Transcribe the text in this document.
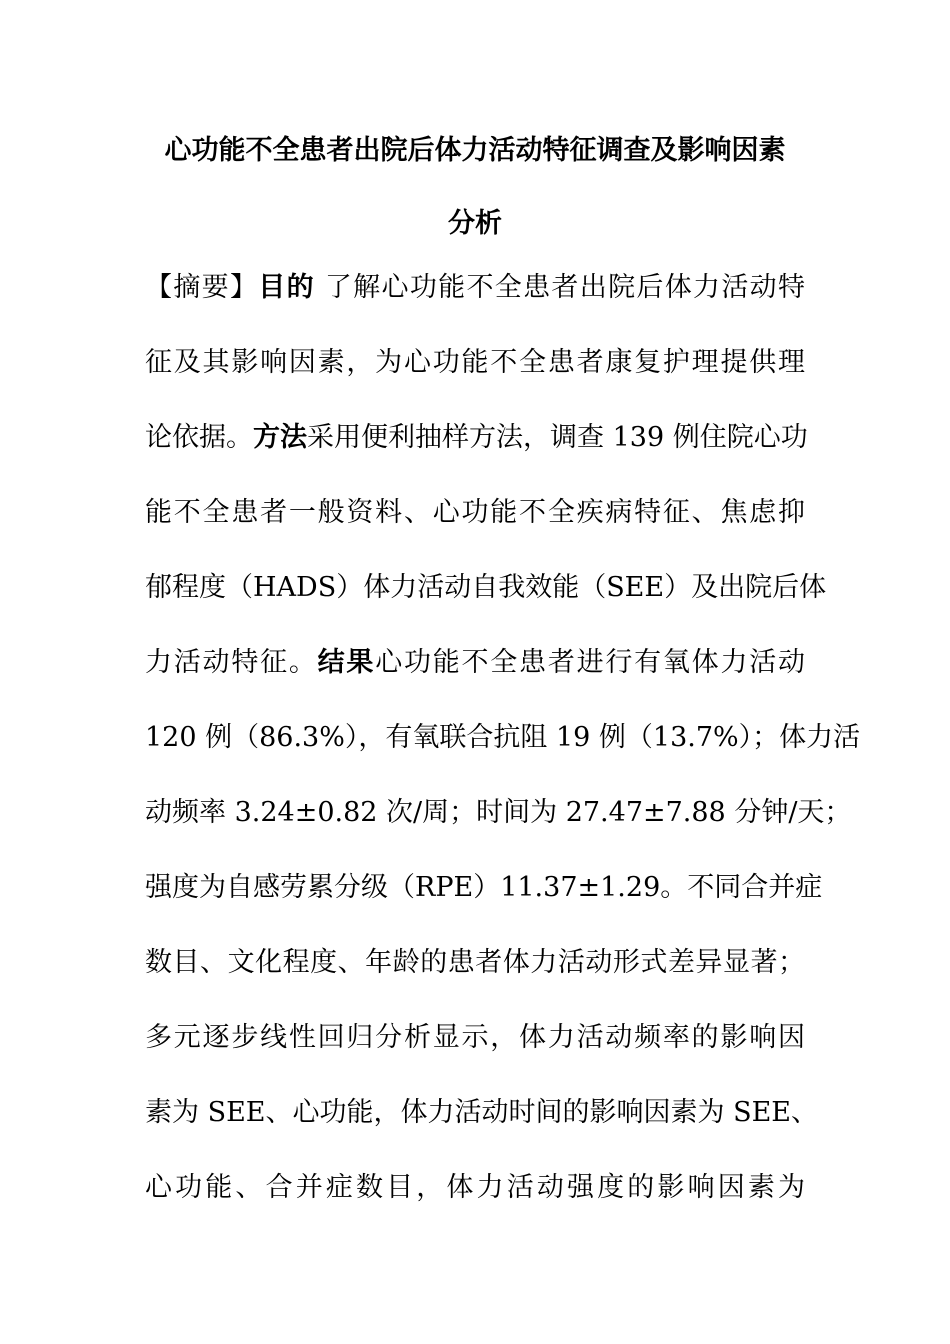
心功能不全患者出院后体力活动特征调查及影响因素
分析
【摘要】目的 了解心功能不全患者出院后体力活动特
征及其影响因素，为心功能不全患者康复护理提供理
论依据。方法采用便利抽样方法，调查 139 例住院心功
能不全患者一般资料、心功能不全疾病特征、焦虑抑
郁程度（HADS）体力活动自我效能（SEE）及出院后体
力活动特征。结果心功能不全患者进行有氧体力活动
120 例（86.3%），有氧联合抗阻 19 例（13.7%）；体力活
动频率 3.24±0.82 次/周；时间为 27.47±7.88 分钟/天；
强度为自感劳累分级（RPE）11.37±1.29。不同合并症
数目、文化程度、年龄的患者体力活动形式差异显著；
多元逐步线性回归分析显示，体力活动频率的影响因
素为 SEE、心功能，体力活动时间的影响因素为 SEE、
心功能、合并症数目，体力活动强度的影响因素为
